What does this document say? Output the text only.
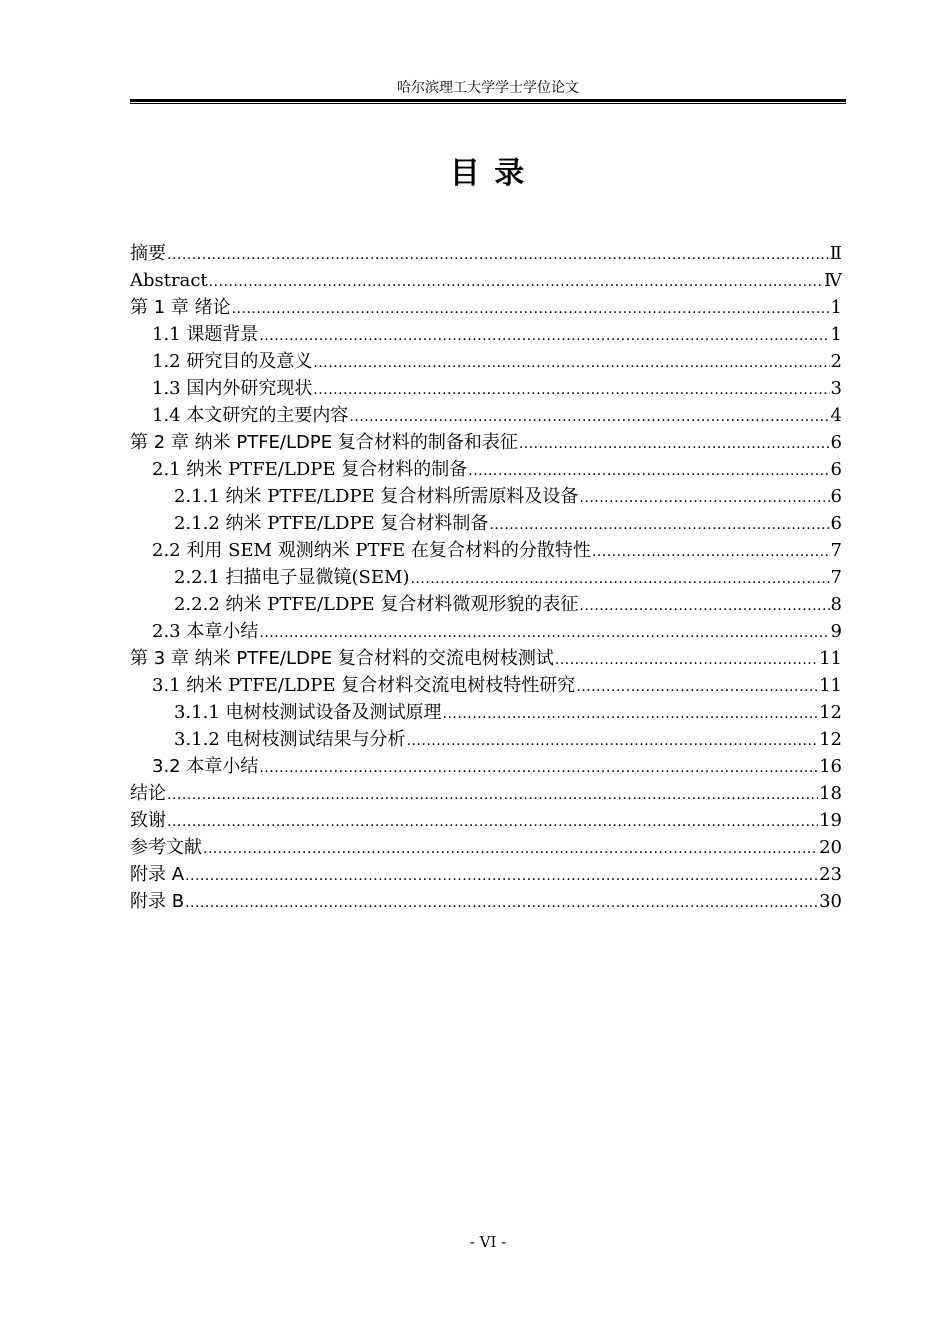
哈尔滨理工大学学士学位论文
目 录
摘要 .....	Ⅱ
Abstract .....	Ⅳ
第 1 章 绪论 .....	1
1.1 课题背景 .....	1
1.2 研究目的及意义 .....	2
1.3 国内外研究现状 .....	3
1.4 本文研究的主要内容 .....	4
第 2 章 纳米 PTFE/LDPE 复合材料的制备和表征 .....	6
2.1 纳米 PTFE/LDPE 复合材料的制备 .....	6
2.1.1 纳米 PTFE/LDPE 复合材料所需原料及设备 .....	6
2.1.2 纳米 PTFE/LDPE 复合材料制备 .....	6
2.2 利用 SEM 观测纳米 PTFE 在复合材料的分散特性 .....	7
2.2.1 扫描电子显微镜(SEM) .....	7
2.2.2 纳米 PTFE/LDPE 复合材料微观形貌的表征 .....	8
2.3 本章小结 .....	9
第 3 章 纳米 PTFE/LDPE 复合材料的交流电树枝测试 .....	11
3.1 纳米 PTFE/LDPE 复合材料交流电树枝特性研究 .....	11
3.1.1 电树枝测试设备及测试原理 .....	12
3.1.2 电树枝测试结果与分析 .....	12
3.2 本章小结 .....	16
结论 .....	18
致谢 .....	19
参考文献 .....	20
附录 A .....	23
附录 B .....	30
- VI -
